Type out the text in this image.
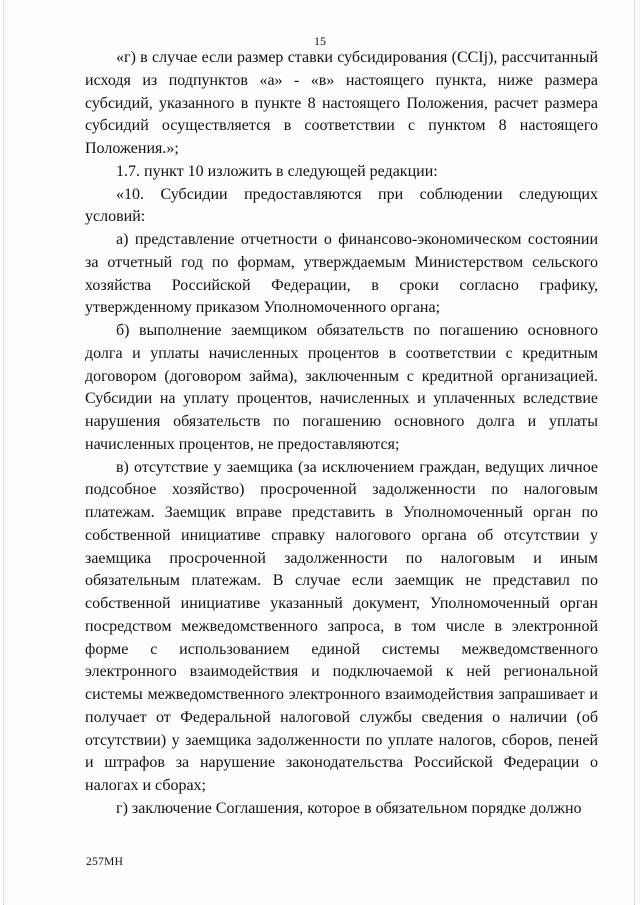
15

«г) в случае если размер ставки субсидирования (ССIj), рассчитанный исходя из подпунктов «а» - «в» настоящего пункта, ниже размера субсидий, указанного в пункте 8 настоящего Положения, расчет размера субсидий осуществляется в соответствии с пунктом 8 настоящего Положения.»;

1.7. пункт 10 изложить в следующей редакции:

«10. Субсидии предоставляются при соблюдении следующих условий:

а) представление отчетности о финансово-экономическом состоянии за отчетный год по формам, утверждаемым Министерством сельского хозяйства Российской Федерации, в сроки согласно графику, утвержденному приказом Уполномоченного органа;

б) выполнение заемщиком обязательств по погашению основного долга и уплаты начисленных процентов в соответствии с кредитным договором (договором займа), заключенным с кредитной организацией. Субсидии на уплату процентов, начисленных и уплаченных вследствие нарушения обязательств по погашению основного долга и уплаты начисленных процентов, не предоставляются;

в) отсутствие у заемщика (за исключением граждан, ведущих личное подсобное хозяйство) просроченной задолженности по налоговым платежам. Заемщик вправе представить в Уполномоченный орган по собственной инициативе справку налогового органа об отсутствии у заемщика просроченной задолженности по налоговым и иным обязательным платежам. В случае если заемщик не представил по собственной инициативе указанный документ, Уполномоченный орган посредством межведомственного запроса, в том числе в электронной форме с использованием единой системы межведомственного электронного взаимодействия и подключаемой к ней региональной системы межведомственного электронного взаимодействия запрашивает и получает от Федеральной налоговой службы сведения о наличии (об отсутствии) у заемщика задолженности по уплате налогов, сборов, пеней и штрафов за нарушение законодательства Российской Федерации о налогах и сборах;

г) заключение Соглашения, которое в обязательном порядке должно

257МН
